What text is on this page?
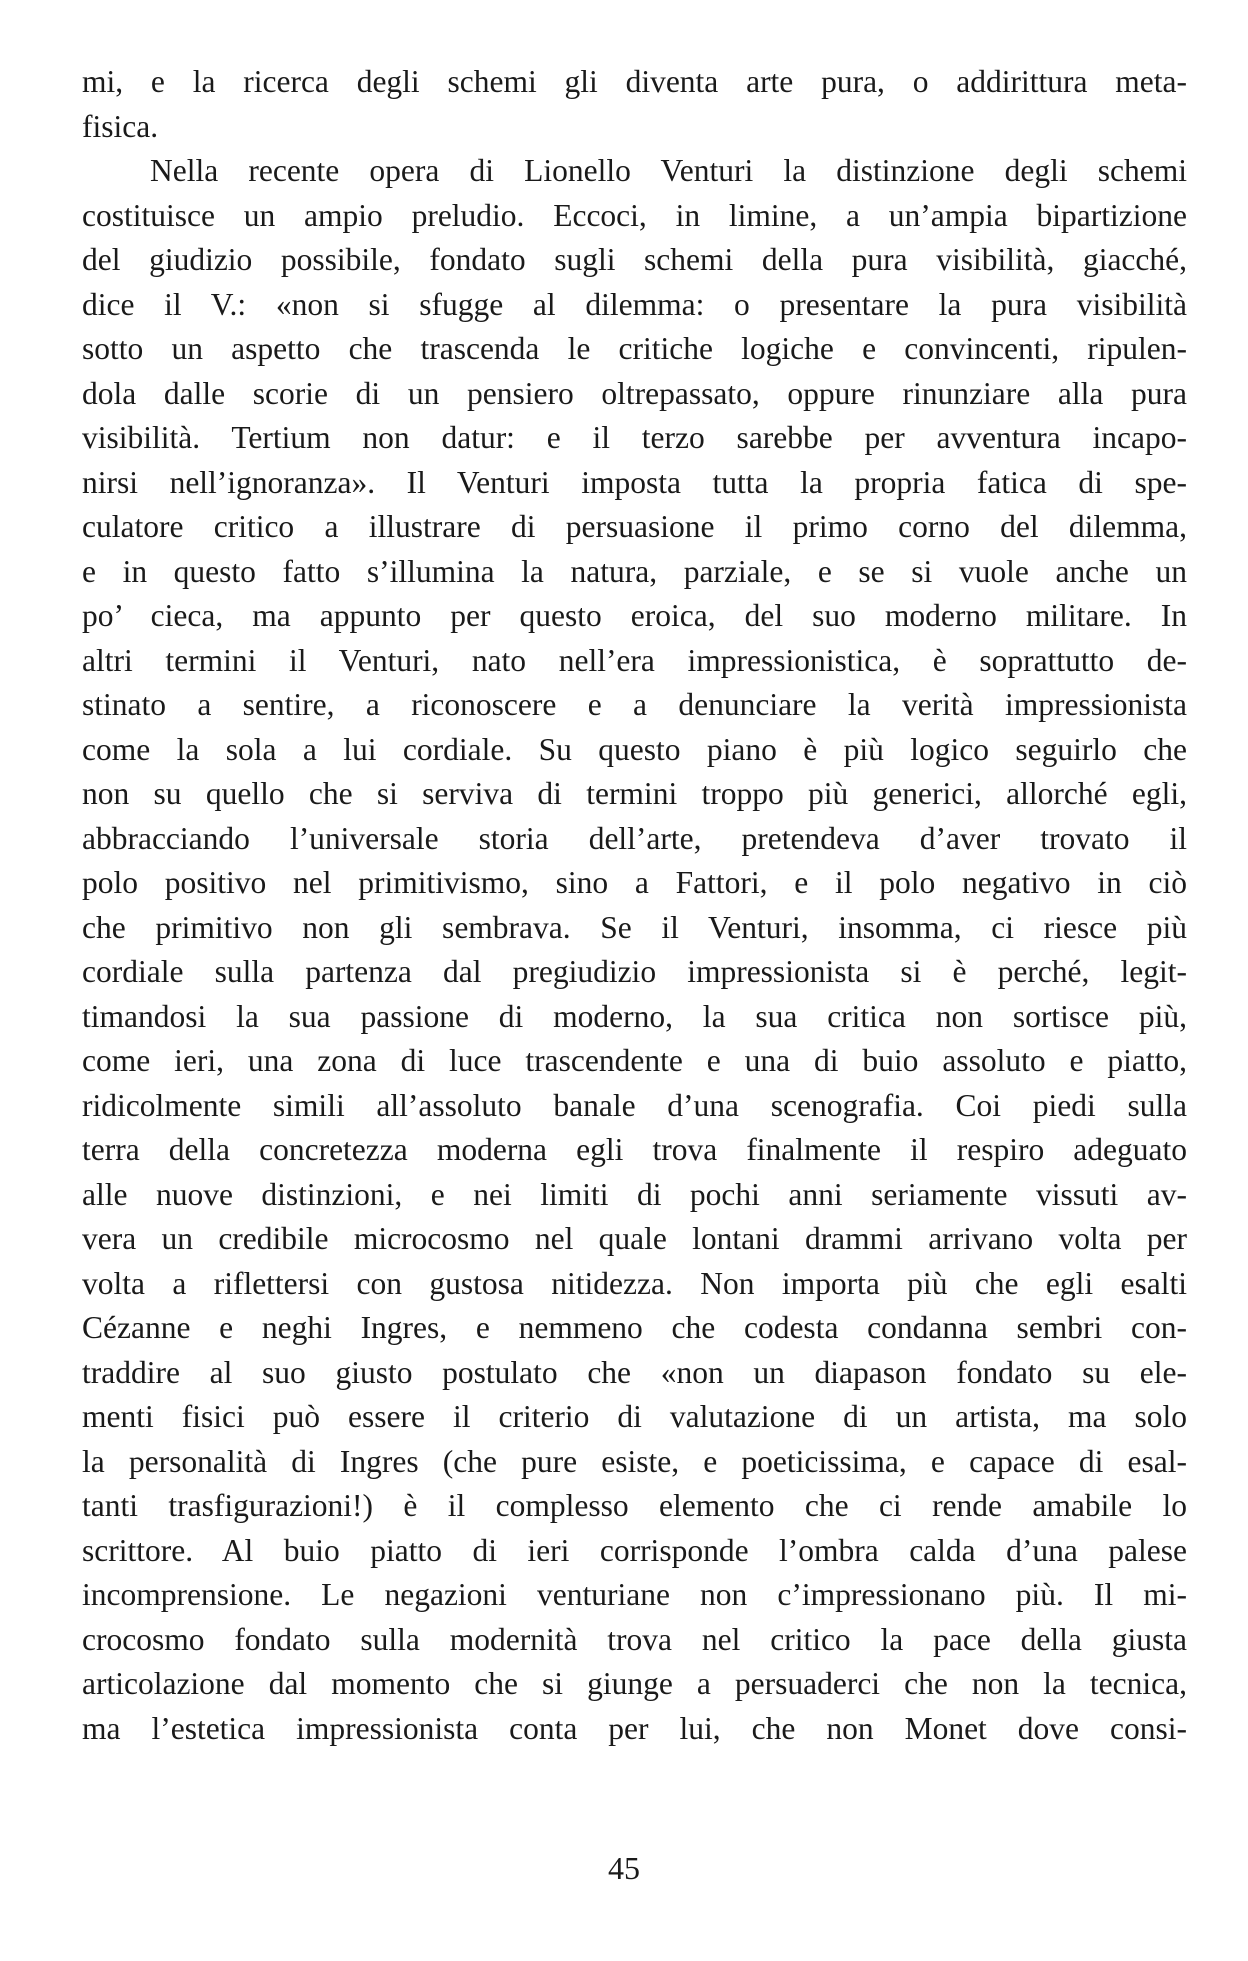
mi, e la ricerca degli schemi gli diventa arte pura, o addirittura meta-
fisica.
Nella recente opera di Lionello Venturi la distinzione degli schemi
costituisce un ampio preludio. Eccoci, in limine, a un’ampia bipartizione
del giudizio possibile, fondato sugli schemi della pura visibilità, giacché,
dice il V.: «non si sfugge al dilemma: o presentare la pura visibilità
sotto un aspetto che trascenda le critiche logiche e convincenti, ripulen-
dola dalle scorie di un pensiero oltrepassato, oppure rinunziare alla pura
visibilità. Tertium non datur: e il terzo sarebbe per avventura incapo-
nirsi nell’ignoranza». Il Venturi imposta tutta la propria fatica di spe-
culatore critico a illustrare di persuasione il primo corno del dilemma,
e in questo fatto s’illumina la natura, parziale, e se si vuole anche un
po’ cieca, ma appunto per questo eroica, del suo moderno militare. In
altri termini il Venturi, nato nell’era impressionistica, è soprattutto de-
stinato a sentire, a riconoscere e a denunciare la verità impressionista
come la sola a lui cordiale. Su questo piano è più logico seguirlo che
non su quello che si serviva di termini troppo più generici, allorché egli,
abbracciando l’universale storia dell’arte, pretendeva d’aver trovato il
polo positivo nel primitivismo, sino a Fattori, e il polo negativo in ciò
che primitivo non gli sembrava. Se il Venturi, insomma, ci riesce più
cordiale sulla partenza dal pregiudizio impressionista si è perché, legit-
timandosi la sua passione di moderno, la sua critica non sortisce più,
come ieri, una zona di luce trascendente e una di buio assoluto e piatto,
ridicolmente simili all’assoluto banale d’una scenografia. Coi piedi sulla
terra della concretezza moderna egli trova finalmente il respiro adeguato
alle nuove distinzioni, e nei limiti di pochi anni seriamente vissuti av-
vera un credibile microcosmo nel quale lontani drammi arrivano volta per
volta a riflettersi con gustosa nitidezza. Non importa più che egli esalti
Cézanne e neghi Ingres, e nemmeno che codesta condanna sembri con-
traddire al suo giusto postulato che «non un diapason fondato su ele-
menti fisici può essere il criterio di valutazione di un artista, ma solo
la personalità di Ingres (che pure esiste, e poeticissima, e capace di esal-
tanti trasfigurazioni!) è il complesso elemento che ci rende amabile lo
scrittore. Al buio piatto di ieri corrisponde l’ombra calda d’una palese
incomprensione. Le negazioni venturiane non c’impressionano più. Il mi-
crocosmo fondato sulla modernità trova nel critico la pace della giusta
articolazione dal momento che si giunge a persuaderci che non la tecnica,
ma l’estetica impressionista conta per lui, che non Monet dove consi-
45
